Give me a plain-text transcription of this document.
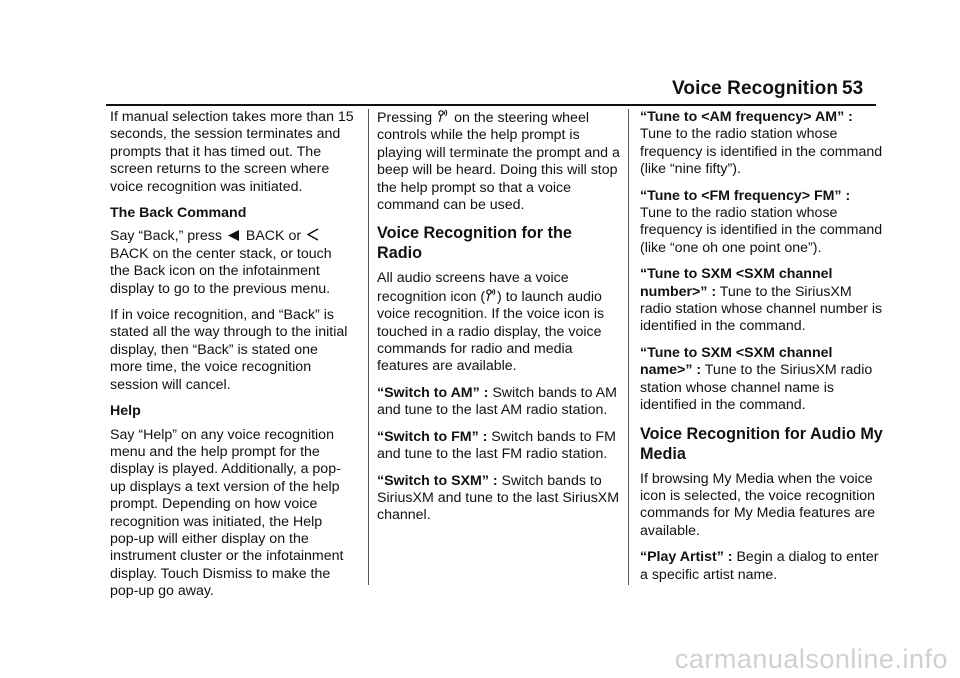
Voice Recognition 53

If manual selection takes more than 15 seconds, the session terminates and prompts that it has timed out. The screen returns to the screen where voice recognition was initiated.

The Back Command

Say “Back,” press BACK or  BACK on the center stack, or touch the Back icon on the infotainment display to go to the previous menu.

If in voice recognition, and “Back” is stated all the way through to the initial display, then “Back” is stated one more time, the voice recognition session will cancel.

Help

Say “Help” on any voice recognition menu and the help prompt for the display is played. Additionally, a pop-up displays a text version of the help prompt. Depending on how voice recognition was initiated, the Help pop-up will either display on the instrument cluster or the infotainment display. Touch Dismiss to make the pop-up go away.

Pressing on the steering wheel controls while the help prompt is playing will terminate the prompt and a beep will be heard. Doing this will stop the help prompt so that a voice command can be used.

Voice Recognition for the Radio

All audio screens have a voice recognition icon ( ) to launch audio voice recognition. If the voice icon is touched in a radio display, the voice commands for radio and media features are available.

“Switch to AM” : Switch bands to AM and tune to the last AM radio station.

“Switch to FM” : Switch bands to FM and tune to the last FM radio station.

“Switch to SXM” : Switch bands to SiriusXM and tune to the last SiriusXM channel.

“Tune to <AM frequency> AM” : Tune to the radio station whose frequency is identified in the command (like “nine fifty”).

“Tune to <FM frequency> FM” : Tune to the radio station whose frequency is identified in the command (like “one oh one point one”).

“Tune to SXM <SXM channel number>” : Tune to the SiriusXM radio station whose channel number is identified in the command.

“Tune to SXM <SXM channel name>” : Tune to the SiriusXM radio station whose channel name is identified in the command.

Voice Recognition for Audio My Media

If browsing My Media when the voice icon is selected, the voice recognition commands for My Media features are available.

“Play Artist” : Begin a dialog to enter a specific artist name.

carmanualsonline.info
